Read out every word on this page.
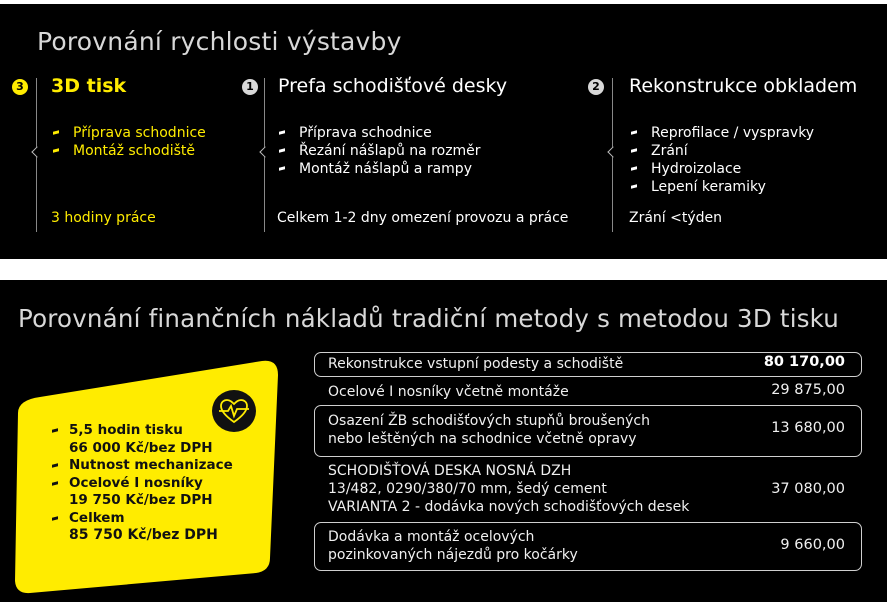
Porovnání rychlosti výstavby
3 3D tisk
Příprava schodnice
Montáž schodiště
3 hodiny práce
1 Prefa schodišťové desky
Příprava schodnice
Řezání nášlapů na rozměr
Montáž nášlapů a rampy
Celkem 1-2 dny omezení provozu a práce
2 Rekonstrukce obkladem
Reprofilace / vyspravky
Zrání
Hydroizolace
Lepení keramiky
Zrání <týden
Porovnání finančních nákladů tradiční metody s metodou 3D tisku
5,5 hodin tisku
66 000 Kč/bez DPH
Nutnost mechanizace
Ocelové I nosníky
19 750 Kč/bez DPH
Celkem
85 750 Kč/bez DPH
Rekonstrukce vstupní podesty a schodiště	80 170,00
Ocelové I nosníky včetně montáže	29 875,00
Osazení ŽB schodišťových stupňů broušených
nebo leštěných na schodnice včetně opravy
13 680,00
SCHODIŠŤOVÁ DESKA NOSNÁ DZH
13/482, 0290/380/70 mm, šedý cement
VARIANTA 2 - dodávka nových schodišťových desek
37 080,00
Dodávka a montáž ocelových
pozinkovaných nájezdů pro kočárky
9 660,00
